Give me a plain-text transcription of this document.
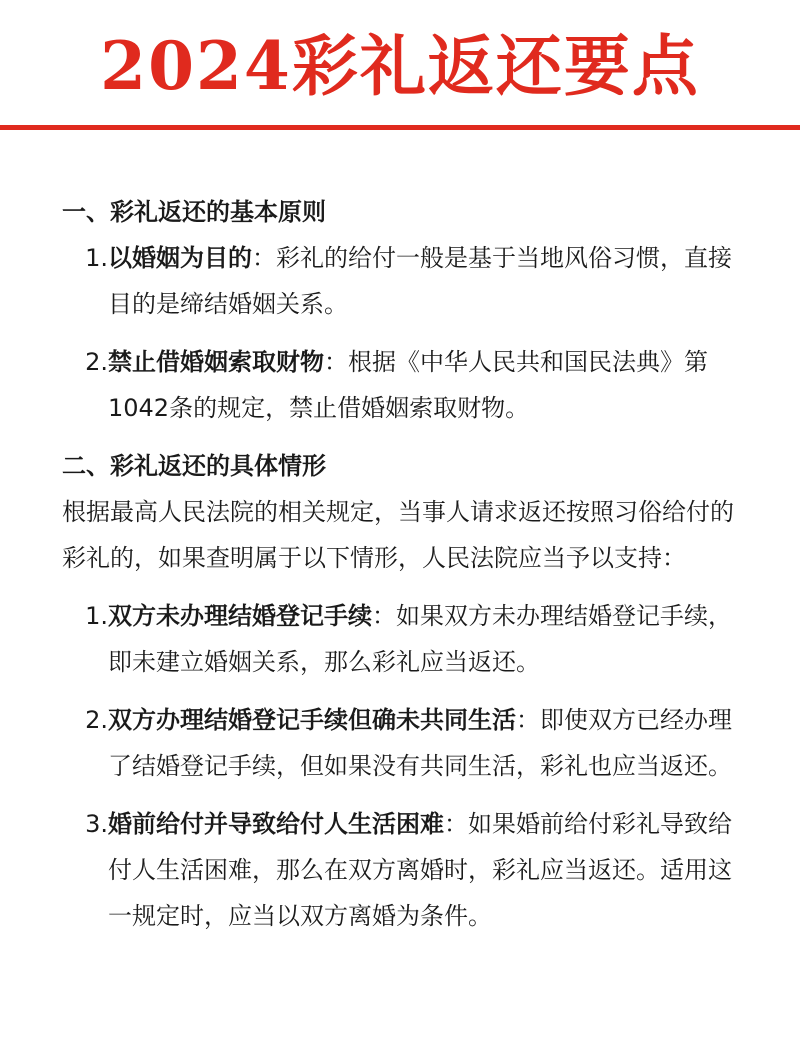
2024彩礼返还要点

一、彩礼返还的基本原则

1. 以婚姻为目的：彩礼的给付一般是基于当地风俗习惯，直接目的是缔结婚姻关系。
2. 禁止借婚姻索取财物：根据《中华人民共和国民法典》第1042条的规定，禁止借婚姻索取财物。

二、彩礼返还的具体情形

根据最高人民法院的相关规定，当事人请求返还按照习俗给付的彩礼的，如果查明属于以下情形，人民法院应当予以支持：

1. 双方未办理结婚登记手续：如果双方未办理结婚登记手续，即未建立婚姻关系，那么彩礼应当返还。
2. 双方办理结婚登记手续但确未共同生活：即使双方已经办理了结婚登记手续，但如果没有共同生活，彩礼也应当返还。
3. 婚前给付并导致给付人生活困难：如果婚前给付彩礼导致给付人生活困难，那么在双方离婚时，彩礼应当返还。适用这一规定时，应当以双方离婚为条件。
